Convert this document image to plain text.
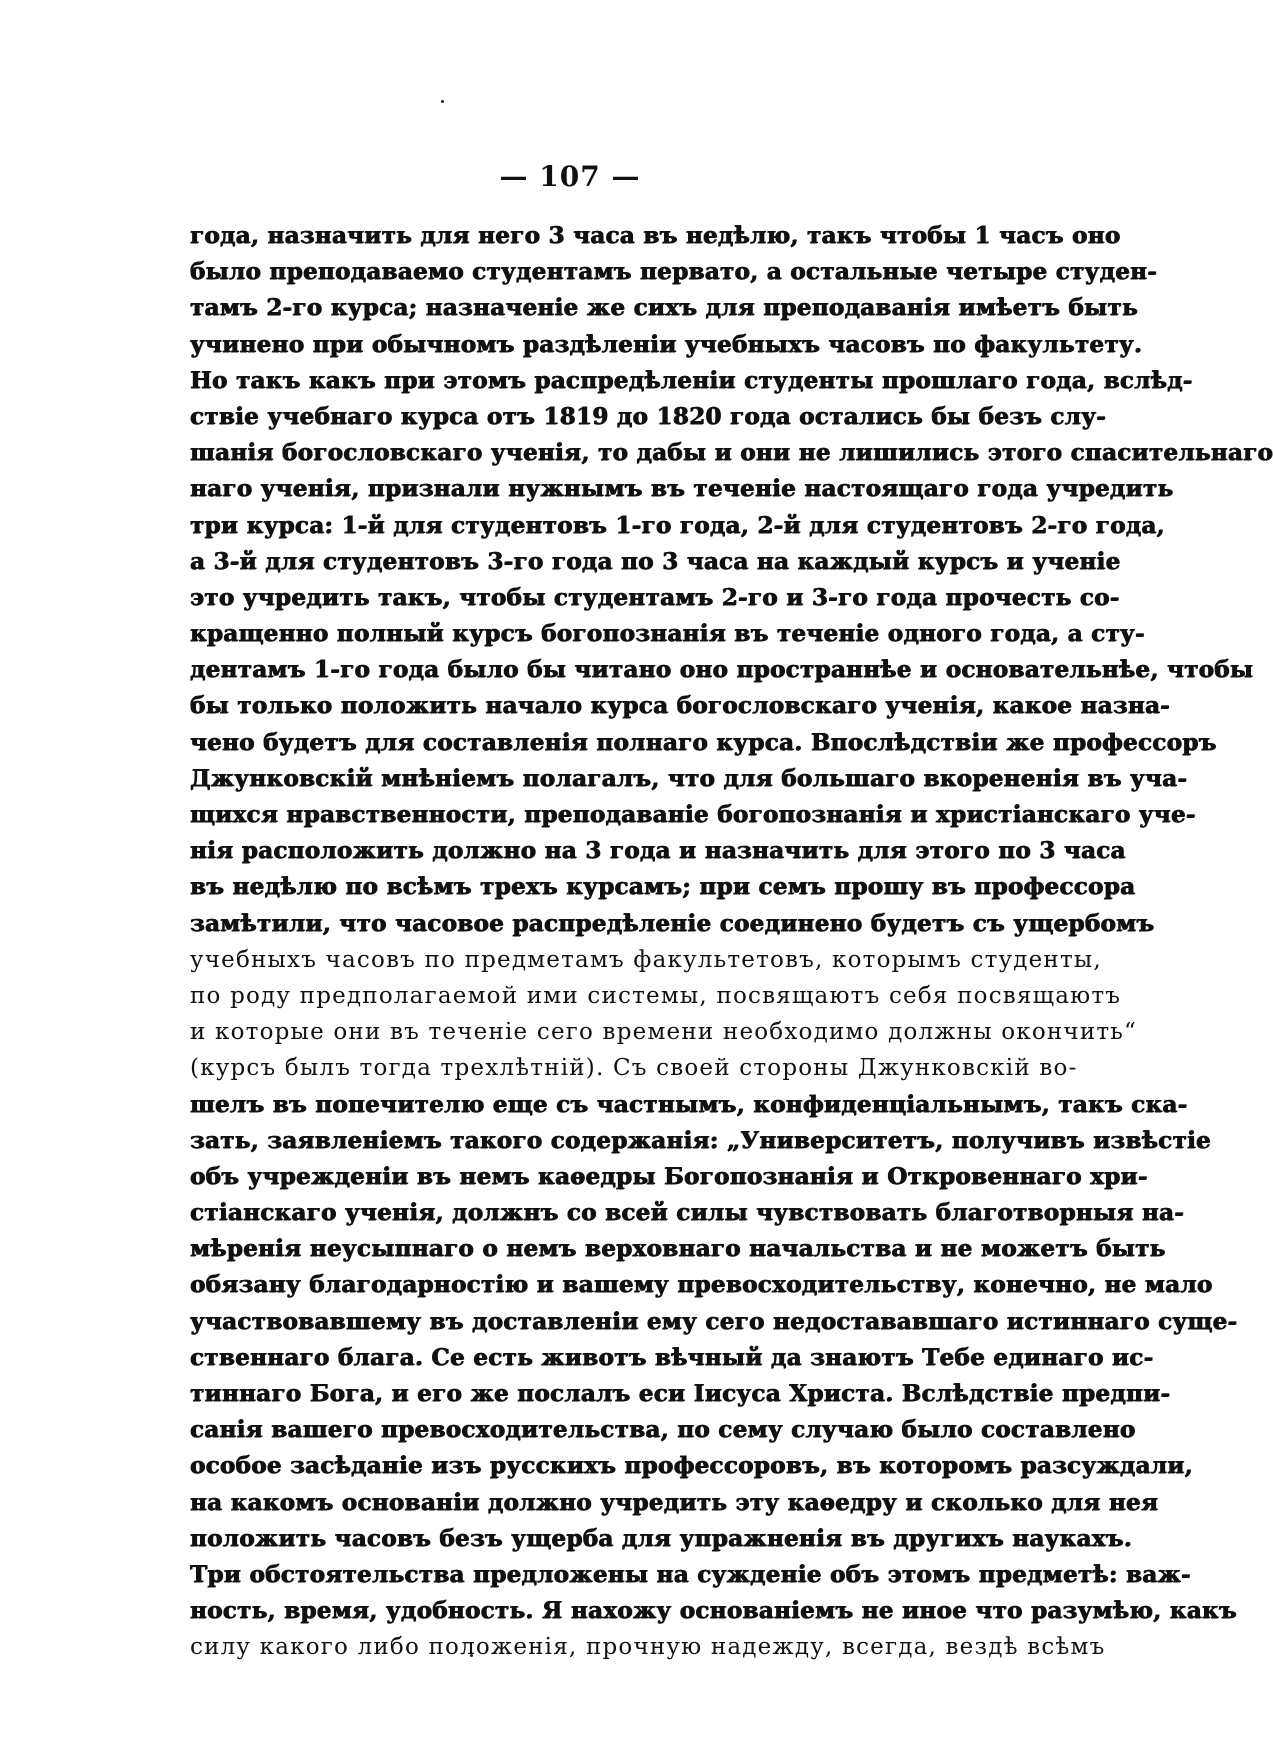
— 107 —
года, назначить для него 3 часа въ недѣлю, такъ чтобы 1 часъ оно
было преподаваемо студентамъ первато, а остальные четыре студен-
тамъ 2-го курса; назначеніе же сихъ для преподаванія имѣетъ быть
учинено при обычномъ раздѣленіи учебныхъ часовъ по факультету.
Но такъ какъ при этомъ распредѣленіи студенты прошлаго года, вслѣд-
ствіе учебнаго курса отъ 1819 до 1820 года остались бы безъ слу-
шанія богословскаго ученія, то дабы и они не лишились этого спасительнаго
наго ученія, признали нужнымъ въ теченіе настоящаго года учредить
три курса: 1-й для студентовъ 1-го года, 2-й для студентовъ 2-го года,
а 3-й для студентовъ 3-го года по 3 часа на каждый курсъ и ученіе
это учредить такъ, чтобы студентамъ 2-го и 3-го года прочесть со-
кращенно полный курсъ богопознанія въ теченіе одного года, а сту-
дентамъ 1-го года было бы читано оно пространнѣе и основательнѣе, чтобы
бы только положить начало курса богословскаго ученія, какое назна-
чено будетъ для составленія полнаго курса. Впослѣдствіи же профессоръ
Джунковскій мнѣніемъ полагалъ, что для большаго вкорененія въ уча-
щихся нравственности, преподаваніе богопознанія и христіанскаго уче-
нія расположить должно на 3 года и назначить для этого по 3 часа
въ недѣлю по всѣмъ трехъ курсамъ; при семъ прошу въ профессора
замѣтили, что часовое распредѣленіе соединено будетъ съ ущербомъ
учебныхъ часовъ по предметамъ факультетовъ, которымъ студенты,
по роду предполагаемой ими системы, посвящаютъ себя посвящаютъ
и которые они въ теченіе сего времени необходимо должны окончить“
(курсъ былъ тогда трехлѣтній). Съ своей стороны Джунковскій во-
шелъ въ попечителю еще съ частнымъ, конфиденціальнымъ, такъ ска-
зать, заявленіемъ такого содержанія: „Университетъ, получивъ извѣстіе
объ учрежденіи въ немъ каѳедры Богопознанія и Откровеннаго хри-
стіанскаго ученія, должнъ со всей силы чувствовать благотворныя на-
мѣренія неусыпнаго о немъ верховнаго начальства и не можетъ быть
обязану благодарностію и вашему превосходительству, конечно, не мало
участвовавшему въ доставленіи ему сего недостававшаго истиннаго суще-
ственнаго блага. Се есть животъ вѣчный да знаютъ Тебе единаго ис-
тиннаго Бога, и его же послалъ еси Іисуса Христа. Вслѣдствіе предпи-
санія вашего превосходительства, по сему случаю было составлено
особое засѣданіе изъ русскихъ профессоровъ, въ которомъ разсуждали,
на какомъ основаніи должно учредить эту каѳедру и сколько для нея
положить часовъ безъ ущерба для упражненія въ другихъ наукахъ.
Три обстоятельства предложены на сужденіе объ этомъ предметѣ: важ-
ность, время, удобность. Я нахожу основаніемъ не иное что разумѣю, какъ
силу какого либо положенія, прочную надежду, всегда, вездѣ всѣмъ
